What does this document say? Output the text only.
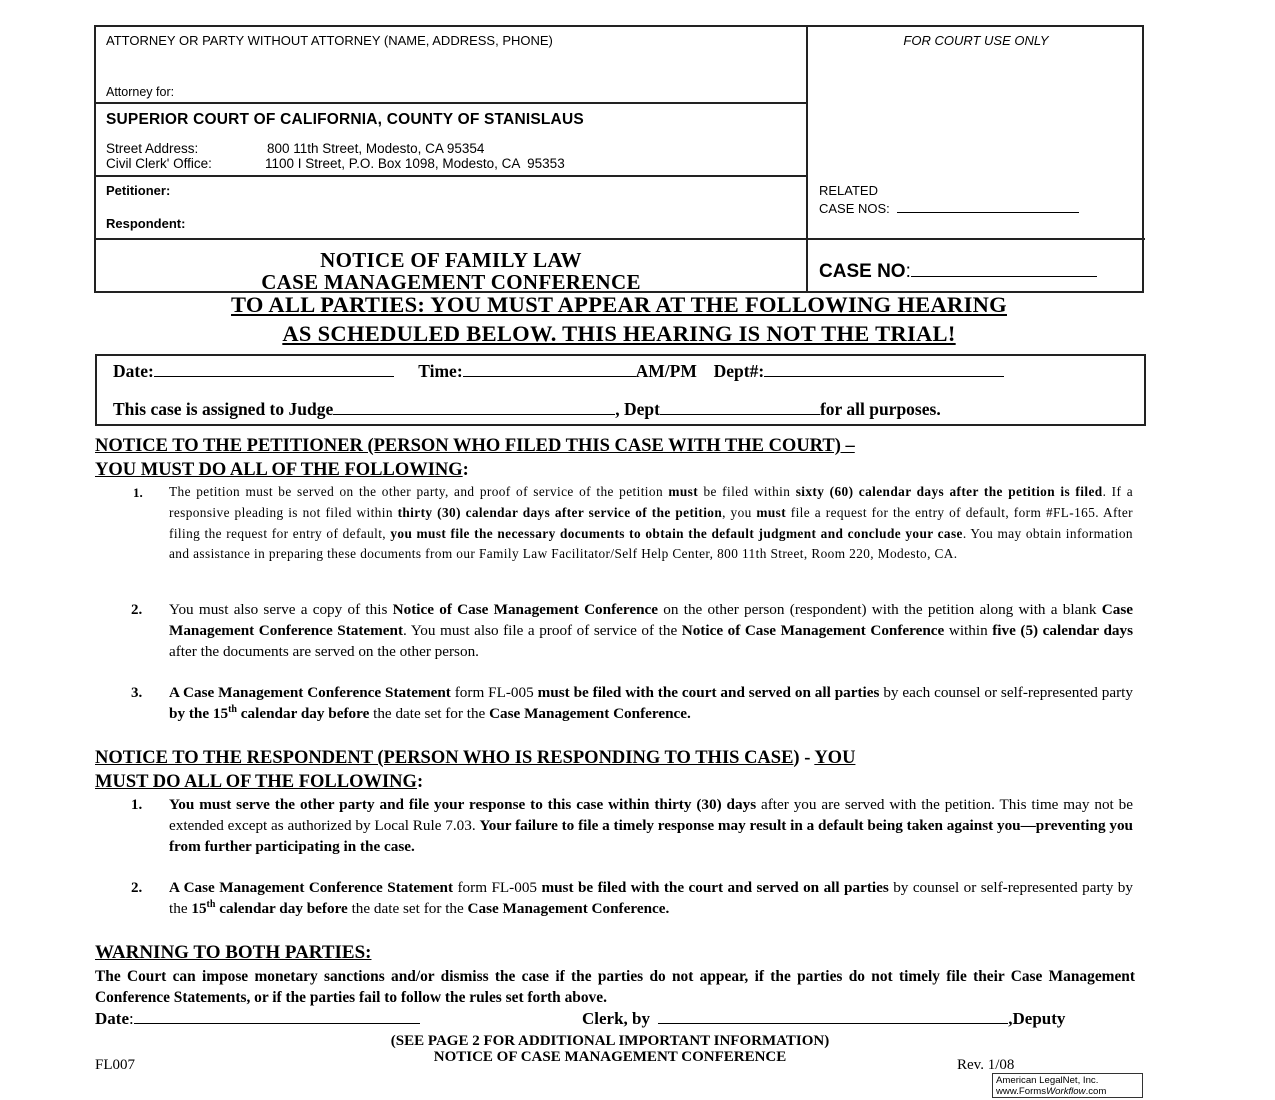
ATTORNEY OR PARTY WITHOUT ATTORNEY (NAME, ADDRESS, PHONE)
Attorney for:
FOR COURT USE ONLY
SUPERIOR COURT OF CALIFORNIA, COUNTY OF STANISLAUS
Street Address:	800 11th Street, Modesto, CA 95354
Civil Clerk' Office:	1100 I Street, P.O. Box 1098, Modesto, CA  95353
Petitioner:
Respondent:
RELATED
CASE NOS:
NOTICE OF FAMILY LAW
CASE MANAGEMENT CONFERENCE	CASE NO:
TO ALL PARTIES: YOU MUST APPEAR AT THE FOLLOWING HEARING
AS SCHEDULED BELOW. THIS HEARING IS NOT THE TRIAL!
Date:	Time:	AM/PM Dept#:
This case is assigned to Judge	, Dept	for all purposes.
NOTICE TO THE PETITIONER (PERSON WHO FILED THIS CASE WITH THE COURT) –
YOU MUST DO ALL OF THE FOLLOWING:
1. The petition must be served on the other party, and proof of service of the petition must be filed within sixty (60) calendar days after the petition is filed. If a responsive pleading is not filed within thirty (30) calendar days after service of the petition, you must file a request for the entry of default, form #FL-165. After filing the request for entry of default, you must file the necessary documents to obtain the default judgment and conclude your case. You may obtain information and assistance in preparing these documents from our Family Law Facilitator/Self Help Center, 800 11th Street, Room 220, Modesto, CA.
2. You must also serve a copy of this Notice of Case Management Conference on the other person (respondent) with the petition along with a blank Case Management Conference Statement. You must also file a proof of service of the Notice of Case Management Conference within five (5) calendar days after the documents are served on the other person.
3. A Case Management Conference Statement form FL-005 must be filed with the court and served on all parties by each counsel or self-represented party by the 15th calendar day before the date set for the Case Management Conference.
NOTICE TO THE RESPONDENT (PERSON WHO IS RESPONDING TO THIS CASE) - YOU
MUST DO ALL OF THE FOLLOWING:
1. You must serve the other party and file your response to this case within thirty (30) days after you are served with the petition. This time may not be extended except as authorized by Local Rule 7.03. Your failure to file a timely response may result in a default being taken against you—preventing you from further participating in the case.
2. A Case Management Conference Statement form FL-005 must be filed with the court and served on all parties by counsel or self-represented party by the 15th calendar day before the date set for the Case Management Conference.
WARNING TO BOTH PARTIES:
The Court can impose monetary sanctions and/or dismiss the case if the parties do not appear, if the parties do not timely file their Case Management Conference Statements, or if the parties fail to follow the rules set forth above.
Date:	Clerk, by	,Deputy
(SEE PAGE 2 FOR ADDITIONAL IMPORTANT INFORMATION)
NOTICE OF CASE MANAGEMENT CONFERENCE
FL007	Rev. 1/08
American LegalNet, Inc.
www.FormsWorkflow.com
